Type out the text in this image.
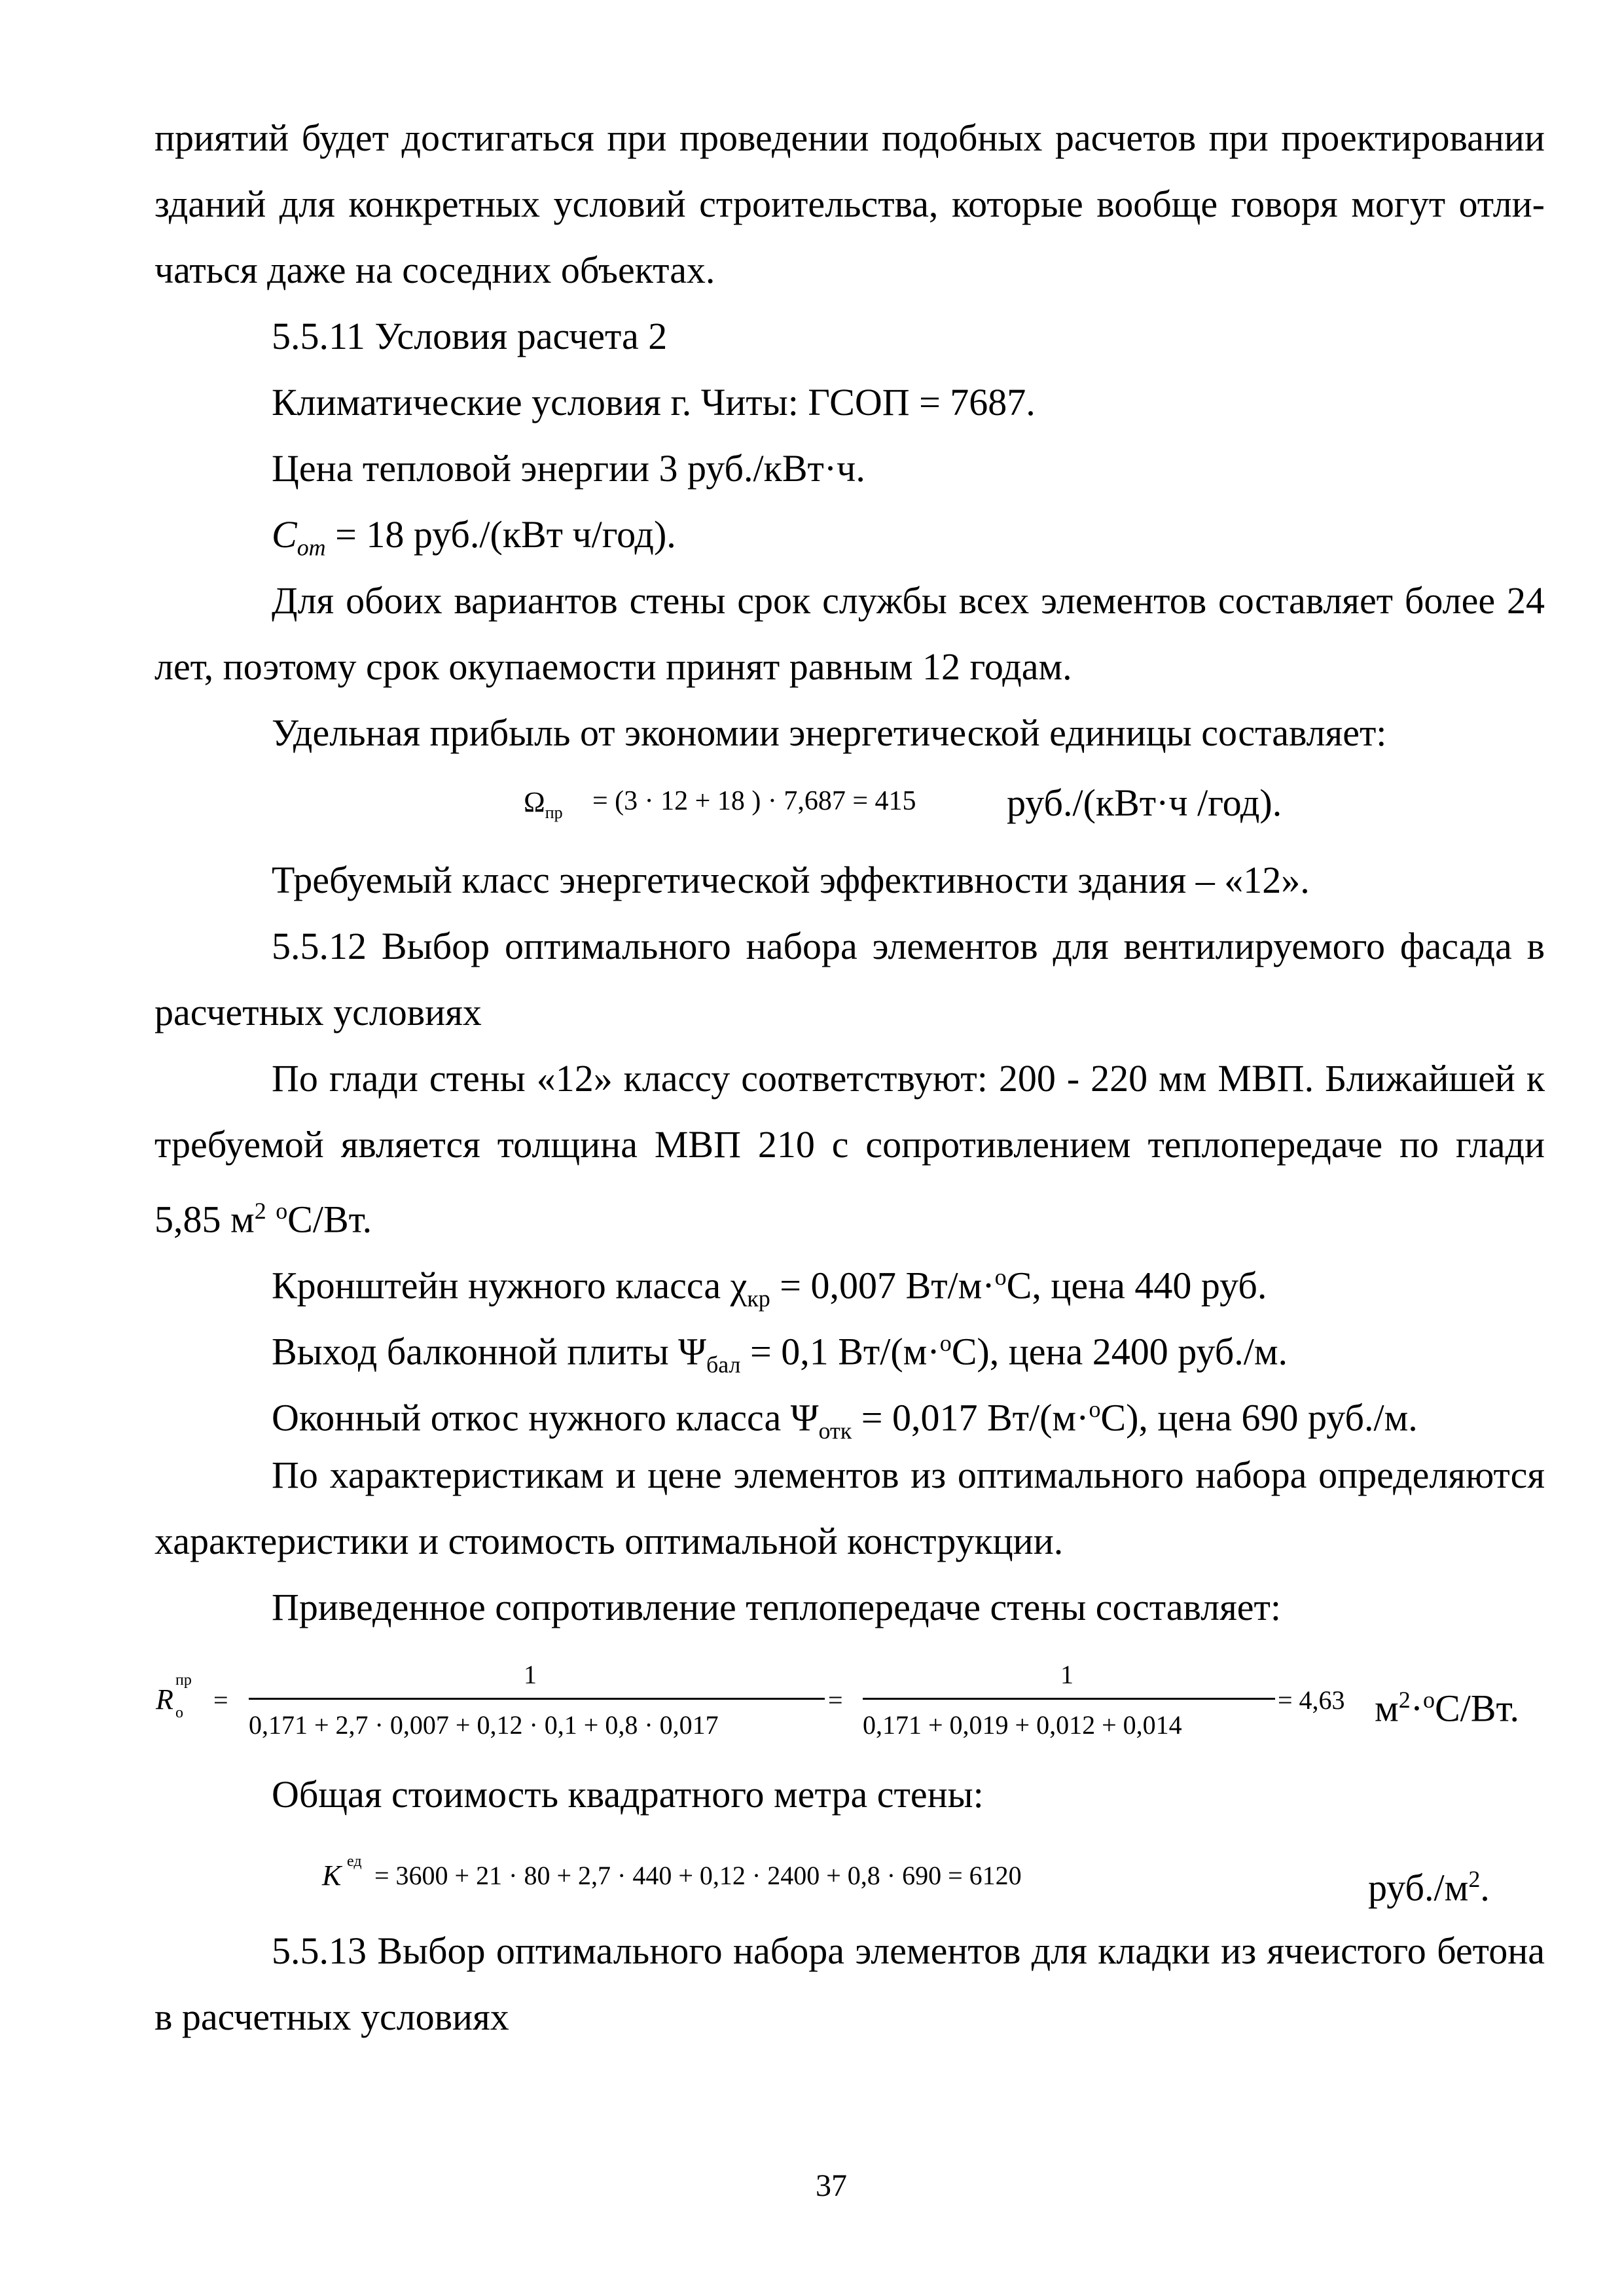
приятий будет достигаться при проведении подобных расчетов при проектировании
зданий для конкретных условий строительства, которые вообще говоря могут отли-
чаться даже на соседних объектах.
5.5.11 Условия расчета 2
Климатические условия г. Читы: ГСОП = 7687.
Цена тепловой энергии 3 руб./кВт·ч.
$C_{от} = 18$ руб./(кВт ч/год).
Для обоих вариантов стены срок службы всех элементов составляет более 24
лет, поэтому срок окупаемости принят равным 12 годам.
Удельная прибыль от экономии энергетической единицы составляет:
$\Omega_{пр} = (3 \cdot 12 + 18$ ) · 7,687 = 415 руб./(кВт·ч /год).
Требуемый класс энергетической эффективности здания – «12».
5.5.12 Выбор оптимального набора элементов для вентилируемого фасада в
расчетных условиях
По глади стены «12» классу соответствуют: 200 - 220 мм МВП. Ближайшей к
требуемой является толщина МВП 210 с сопротивлением теплопередаче по глади
5,85 $м^2$ $^о$С/Вт.
Кронштейн нужного класса $\chi_{кр} = 0,007$ Вт/м·$^о$С, цена 440 руб.
Выход балконной плиты $\Psi_{бал} = 0,1$ Вт/(м·$^о$С), цена 2400 руб./м.
Оконный откос нужного класса $\Psi_{отк} = 0,017$ Вт/(м·$^о$С), цена 690 руб./м.
По характеристикам и цене элементов из оптимального набора определяются
характеристики и стоимость оптимальной конструкции.
Приведенное сопротивление теплопередаче стены составляет:
R
пр
о =
1
0,171 + 2,7 · 0,007 + 0,12 · 0,1 + 0,8 · 0,017
=
1
0,171 + 0,019 + 0,012 + 0,014
= 4,63 $м^2\cdot^оС/Вт$.
Общая стоимость квадратного метра стены:
К ед = 3600 + 21 · 80 + 2,7 · 440 + 0,12 · 2400 + 0,8 · 690 = 6120	$руб./м^2$.
5.5.13 Выбор оптимального набора элементов для кладки из ячеистого бетона
в расчетных условиях
37
